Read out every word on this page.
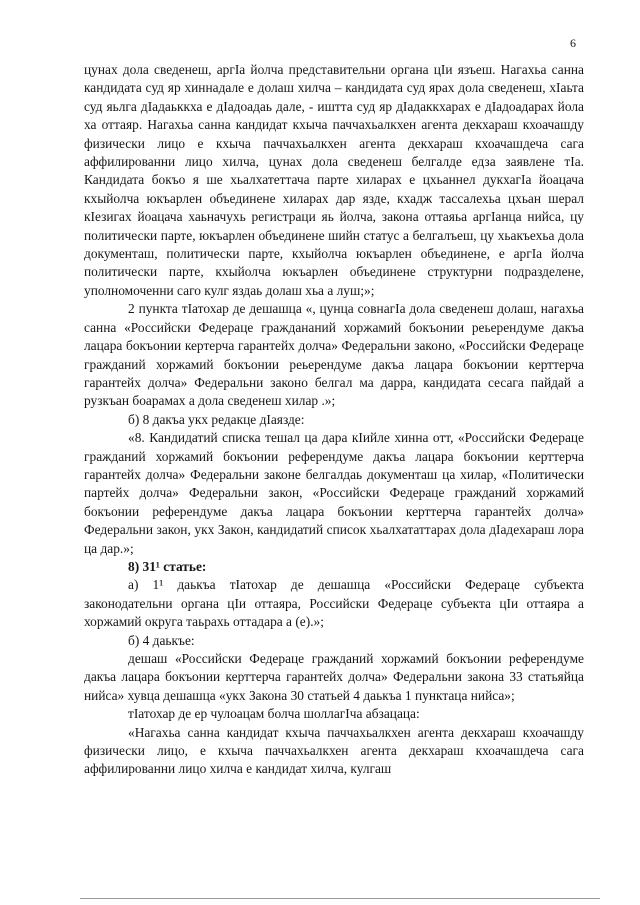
6

цунах дола сведенеш, аргӀа йолча представительни органа цӀи язъеш. Нагахьа санна кандидата суд яр хиннадале е долаш хилча – кандидата суд ярах дола сведенеш, хӀаьта суд яьлга дӀадаьккха е дӀадоадаь дале, - иштта суд яр дӀадаккхарах е дӀадоадарах йола ха оттаяр. Нагахьа санна кандидат кхыча паччахьалкхен агента декхараш кхоачашду физически лицо е кхыча паччахьалкхен агента декхараш кхоачашдеча сага аффилированни лицо хилча, цунах дола сведенеш белгалде едза заявлене тӀа. Кандидата бокъо я ше хьалхатеттача парте хиларах е цхьаннел дукхагӀа йоацача кхыйолча юкъарлен объединене хиларах дар язде, кхадж тассалехьа цхьан шерал кӀезигах йоацача хаьначухь регистраци яь йолча, закона оттаяьа аргӀанца нийса, цу политически парте, юкъарлен объединене шийн статус а белгалъеш, цу хьакъехьа дола документаш, политически парте, кхыйолча юкъарлен объединене, е аргӀа йолча политически парте, кхыйолча юкъарлен объединене структурни подразделене, уполномоченни саго кулг яздаь долаш хьа а луш;»;

2 пункта тӀатохар де дешашца «, цунца совнагӀа дола сведенеш долаш, нагахьа санна «Российски Федераце граждананий хоржамий бокъонии реьерендуме дакъа лацара бокъонии кертерча гарантейх долча» Федеральни законо, «Российски Федераце гражданий хоржамий бокъонии реьерендуме дакъа лацара бокъонии керттерча гарантейх долча» Федеральни законо белгал ма дарра, кандидата сесага пайдай а рузкъан боарамах а дола сведенеш хилар .»;

б) 8 дакъа укх редакце дӀаязде:

«8. Кандидатий списка тешал ца дара кӀийле хинна отт, «Российски Федераце гражданий хоржамий бокъонии референдуме дакъа лацара бокъонии керттерча гарантейх долча» Федеральни законе белгалдаь документаш ца хилар, «Политически партейх долча» Федеральни закон, «Российски Федераце гражданий хоржамий бокъонии референдуме дакъа лацара бокъонии керттерча гарантейх долча» Федеральни закон, укх Закон, кандидатий список хьалхататтарах дола дӀадехараш лора ца дар.»;

8) 31¹ статье:

а) 1¹ даькъа тӀатохар де дешашца «Российски Федераце субъекта законодательни органа цӀи оттаяра, Российски Федераце субъекта цӀи оттаяра а хоржамий округа таьрахь оттадара а (е).»;

б) 4 даькъе:

дешаш «Российски Федераце гражданий хоржамий бокъонии референдуме дакъа лацара бокъонии керттерча гарантейх долча» Федеральни закона 33 статьяйца нийса» хувца дешашца «укх Закона 30 статьей 4 даькъа 1 пунктаца нийса»;

тӀатохар де ер чулоацам болча шоллагӀча абзацаца:

«Нагахьа санна кандидат кхыча паччахьалкхен агента декхараш кхоачашду физически лицо, е кхыча паччахьалкхен агента декхараш кхоачашдеча сага аффилированни лицо хилча е кандидат хилча, кулгаш
